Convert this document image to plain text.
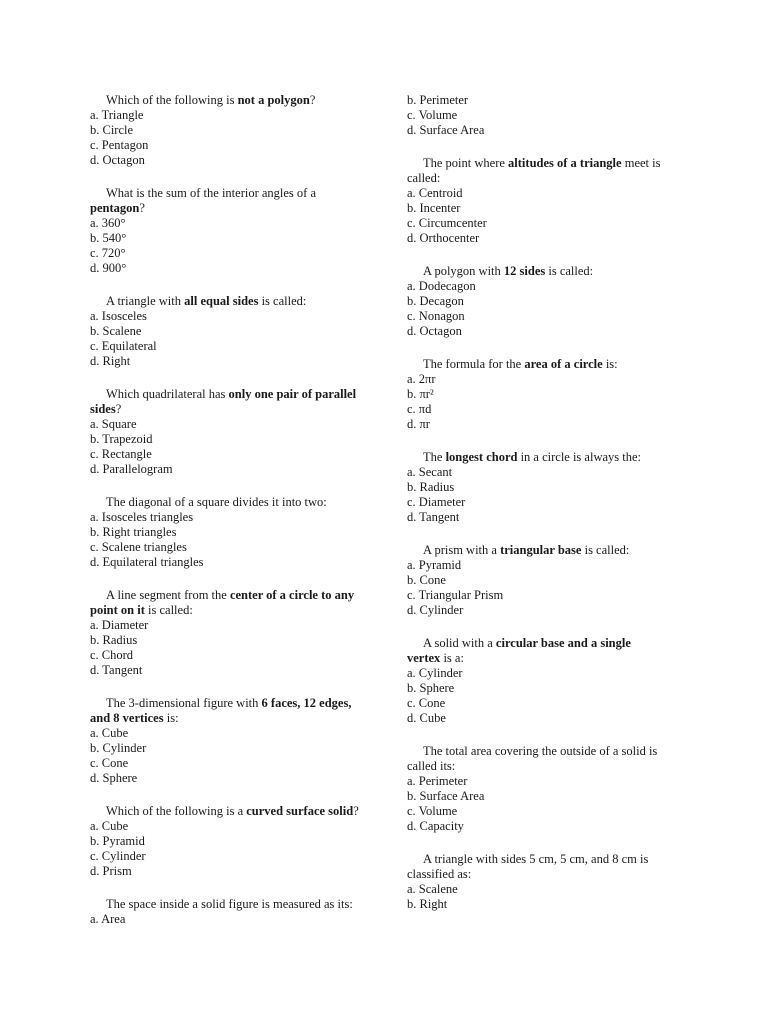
Which of the following is not a polygon?

a. Triangle
b. Circle
c. Pentagon
d. Octagon

What is the sum of the interior angles of a pentagon?

a. 360°
b. 540°
c. 720°
d. 900°

A triangle with all equal sides is called:

a. Isosceles
b. Scalene
c. Equilateral
d. Right

Which quadrilateral has only one pair of parallel sides?

a. Square
b. Trapezoid
c. Rectangle
d. Parallelogram

The diagonal of a square divides it into two:

a. Isosceles triangles
b. Right triangles
c. Scalene triangles
d. Equilateral triangles

A line segment from the center of a circle to any point on it is called:

a. Diameter
b. Radius
c. Chord
d. Tangent

The 3-dimensional figure with 6 faces, 12 edges, and 8 vertices is:

a. Cube
b. Cylinder
c. Cone
d. Sphere

Which of the following is a curved surface solid?

a. Cube
b. Pyramid
c. Cylinder
d. Prism

The space inside a solid figure is measured as its:

a. Area
b. Perimeter
c. Volume
d. Surface Area

The point where altitudes of a triangle meet is called:

a. Centroid
b. Incenter
c. Circumcenter
d. Orthocenter

A polygon with 12 sides is called:

a. Dodecagon
b. Decagon
c. Nonagon
d. Octagon

The formula for the area of a circle is:

a. 2πr
b. πr²
c. πd
d. πr

The longest chord in a circle is always the:

a. Secant
b. Radius
c. Diameter
d. Tangent

A prism with a triangular base is called:

a. Pyramid
b. Cone
c. Triangular Prism
d. Cylinder

A solid with a circular base and a single vertex is a:

a. Cylinder
b. Sphere
c. Cone
d. Cube

The total area covering the outside of a solid is called its:

a. Perimeter
b. Surface Area
c. Volume
d. Capacity

A triangle with sides 5 cm, 5 cm, and 8 cm is classified as:

a. Scalene
b. Right
